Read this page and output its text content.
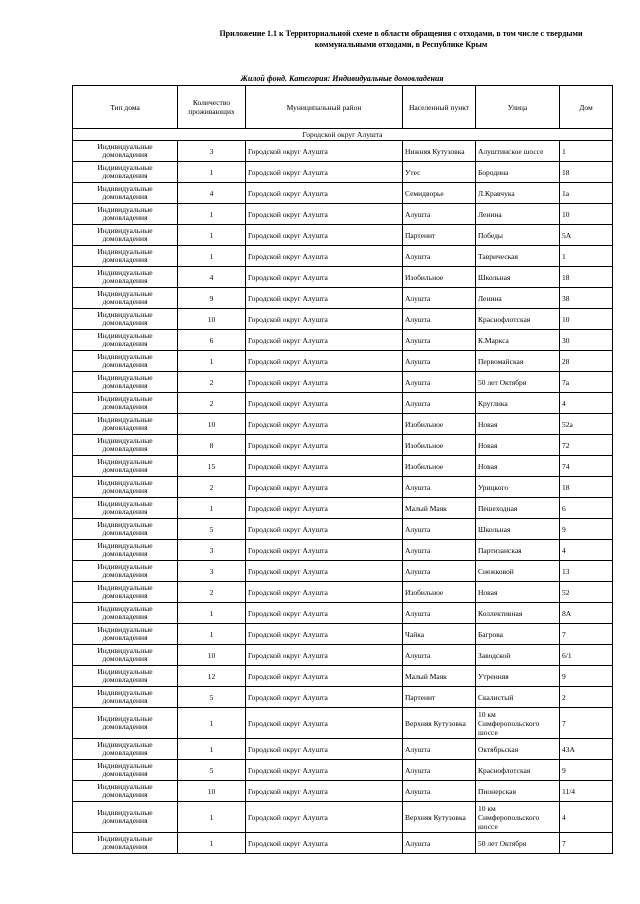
Приложение 1.1 к Территориальной схеме в области обращения с отходами, в том числе с твердыми
коммунальными отходами, в Республике Крым
Жилой фонд. Категория: Индивидуальные домовладения
Тип дома	Количество проживающих	Муниципальный район	Населенный пункт	Улица	Дом
Городской округ Алушта					
Индивидуальные домовладения	3	Городской округ Алушта	Нижняя Кутузовка	Алуштинское шоссе	1
Индивидуальные домовладения	1	Городской округ Алушта	Утес	Бородина	18
Индивидуальные домовладения	4	Городской округ Алушта	Семидворье	Л.Кравчука	1а
Индивидуальные домовладения	1	Городской округ Алушта	Алушта	Ленина	10
Индивидуальные домовладения	1	Городской округ Алушта	Партенит	Победы	5А
Индивидуальные домовладения	1	Городской округ Алушта	Алушта	Таврическая	1
Индивидуальные домовладения	4	Городской округ Алушта	Изобильное	Школьная	18
Индивидуальные домовладения	9	Городской округ Алушта	Алушта	Ленина	38
Индивидуальные домовладения	10	Городской округ Алушта	Алушта	Краснофлотская	10
Индивидуальные домовладения	6	Городской округ Алушта	Алушта	К.Маркса	30
Индивидуальные домовладения	1	Городской округ Алушта	Алушта	Первомайская	28
Индивидуальные домовладения	2	Городской округ Алушта	Алушта	50 лет Октября	7а
Индивидуальные домовладения	2	Городской округ Алушта	Алушта	Круглика	4
Индивидуальные домовладения	10	Городской округ Алушта	Изобильное	Новая	52а
Индивидуальные домовладения	8	Городской округ Алушта	Изобильное	Новая	72
Индивидуальные домовладения	15	Городской округ Алушта	Изобильное	Новая	74
Индивидуальные домовладения	2	Городской округ Алушта	Алушта	Урицкого	18
Индивидуальные домовладения	1	Городской округ Алушта	Малый Маяк	Пешеходная	6
Индивидуальные домовладения	5	Городской округ Алушта	Алушта	Школьная	9
Индивидуальные домовладения	3	Городской округ Алушта	Алушта	Партизанская	4
Индивидуальные домовладения	3	Городской округ Алушта	Алушта	Снежковой	13
Индивидуальные домовладения	2	Городской округ Алушта	Изобильное	Новая	52
Индивидуальные домовладения	1	Городской округ Алушта	Алушта	Коллективная	8А
Индивидуальные домовладения	1	Городской округ Алушта	Чайка	Багрова	7
Индивидуальные домовладения	10	Городской округ Алушта	Алушта	Заводской	6/1
Индивидуальные домовладения	12	Городской округ Алушта	Малый Маяк	Утренняя	9
Индивидуальные домовладения	5	Городской округ Алушта	Партенит	Скалистый	2
Индивидуальные домовладения	1	Городской округ Алушта	Верхняя Кутузовка	10 км Симферопольского шоссе	7
Индивидуальные домовладения	1	Городской округ Алушта	Алушта	Октябрьская	43А
Индивидуальные домовладения	5	Городской округ Алушта	Алушта	Краснофлотская	9
Индивидуальные домовладения	10	Городской округ Алушта	Алушта	Пионерская	11/4
Индивидуальные домовладения	1	Городской округ Алушта	Верхняя Кутузовка	10 км Симферопольского шоссе	4
Индивидуальные домовладения	1	Городской округ Алушта	Алушта	50 лет Октября	7
